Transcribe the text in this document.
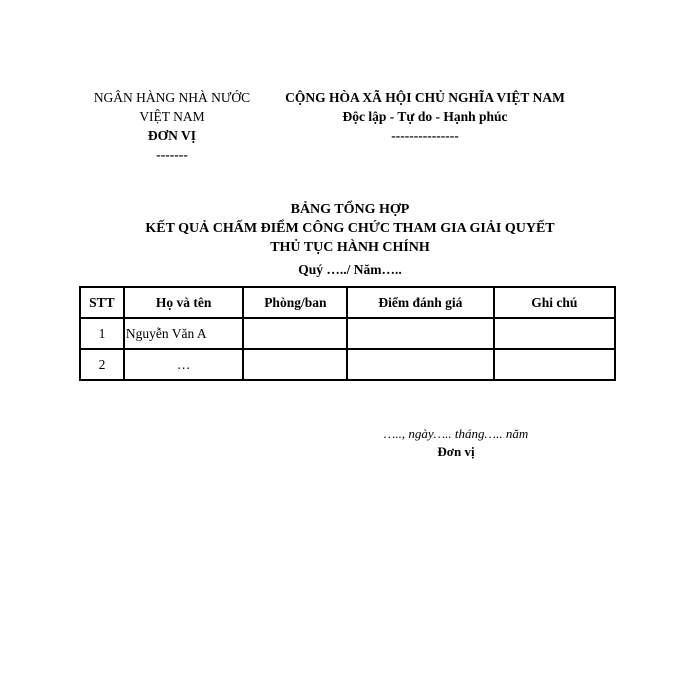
NGÂN HÀNG NHÀ NƯỚC
VIỆT NAM
ĐƠN VỊ
-------
CỘNG HÒA XÃ HỘI CHỦ NGHĨA VIỆT NAM
Độc lập - Tự do - Hạnh phúc
---------------
BẢNG TỔNG HỢP
KẾT QUẢ CHẤM ĐIỂM CÔNG CHỨC THAM GIA GIẢI QUYẾT
THỦ TỤC HÀNH CHÍNH
Quý …../ Năm…..
STT	Họ và tên	Phòng/ban	Điểm đánh giá	Ghi chú
1	Nguyễn Văn A			
2	…			
….., ngày….. tháng….. năm
Đơn vị
